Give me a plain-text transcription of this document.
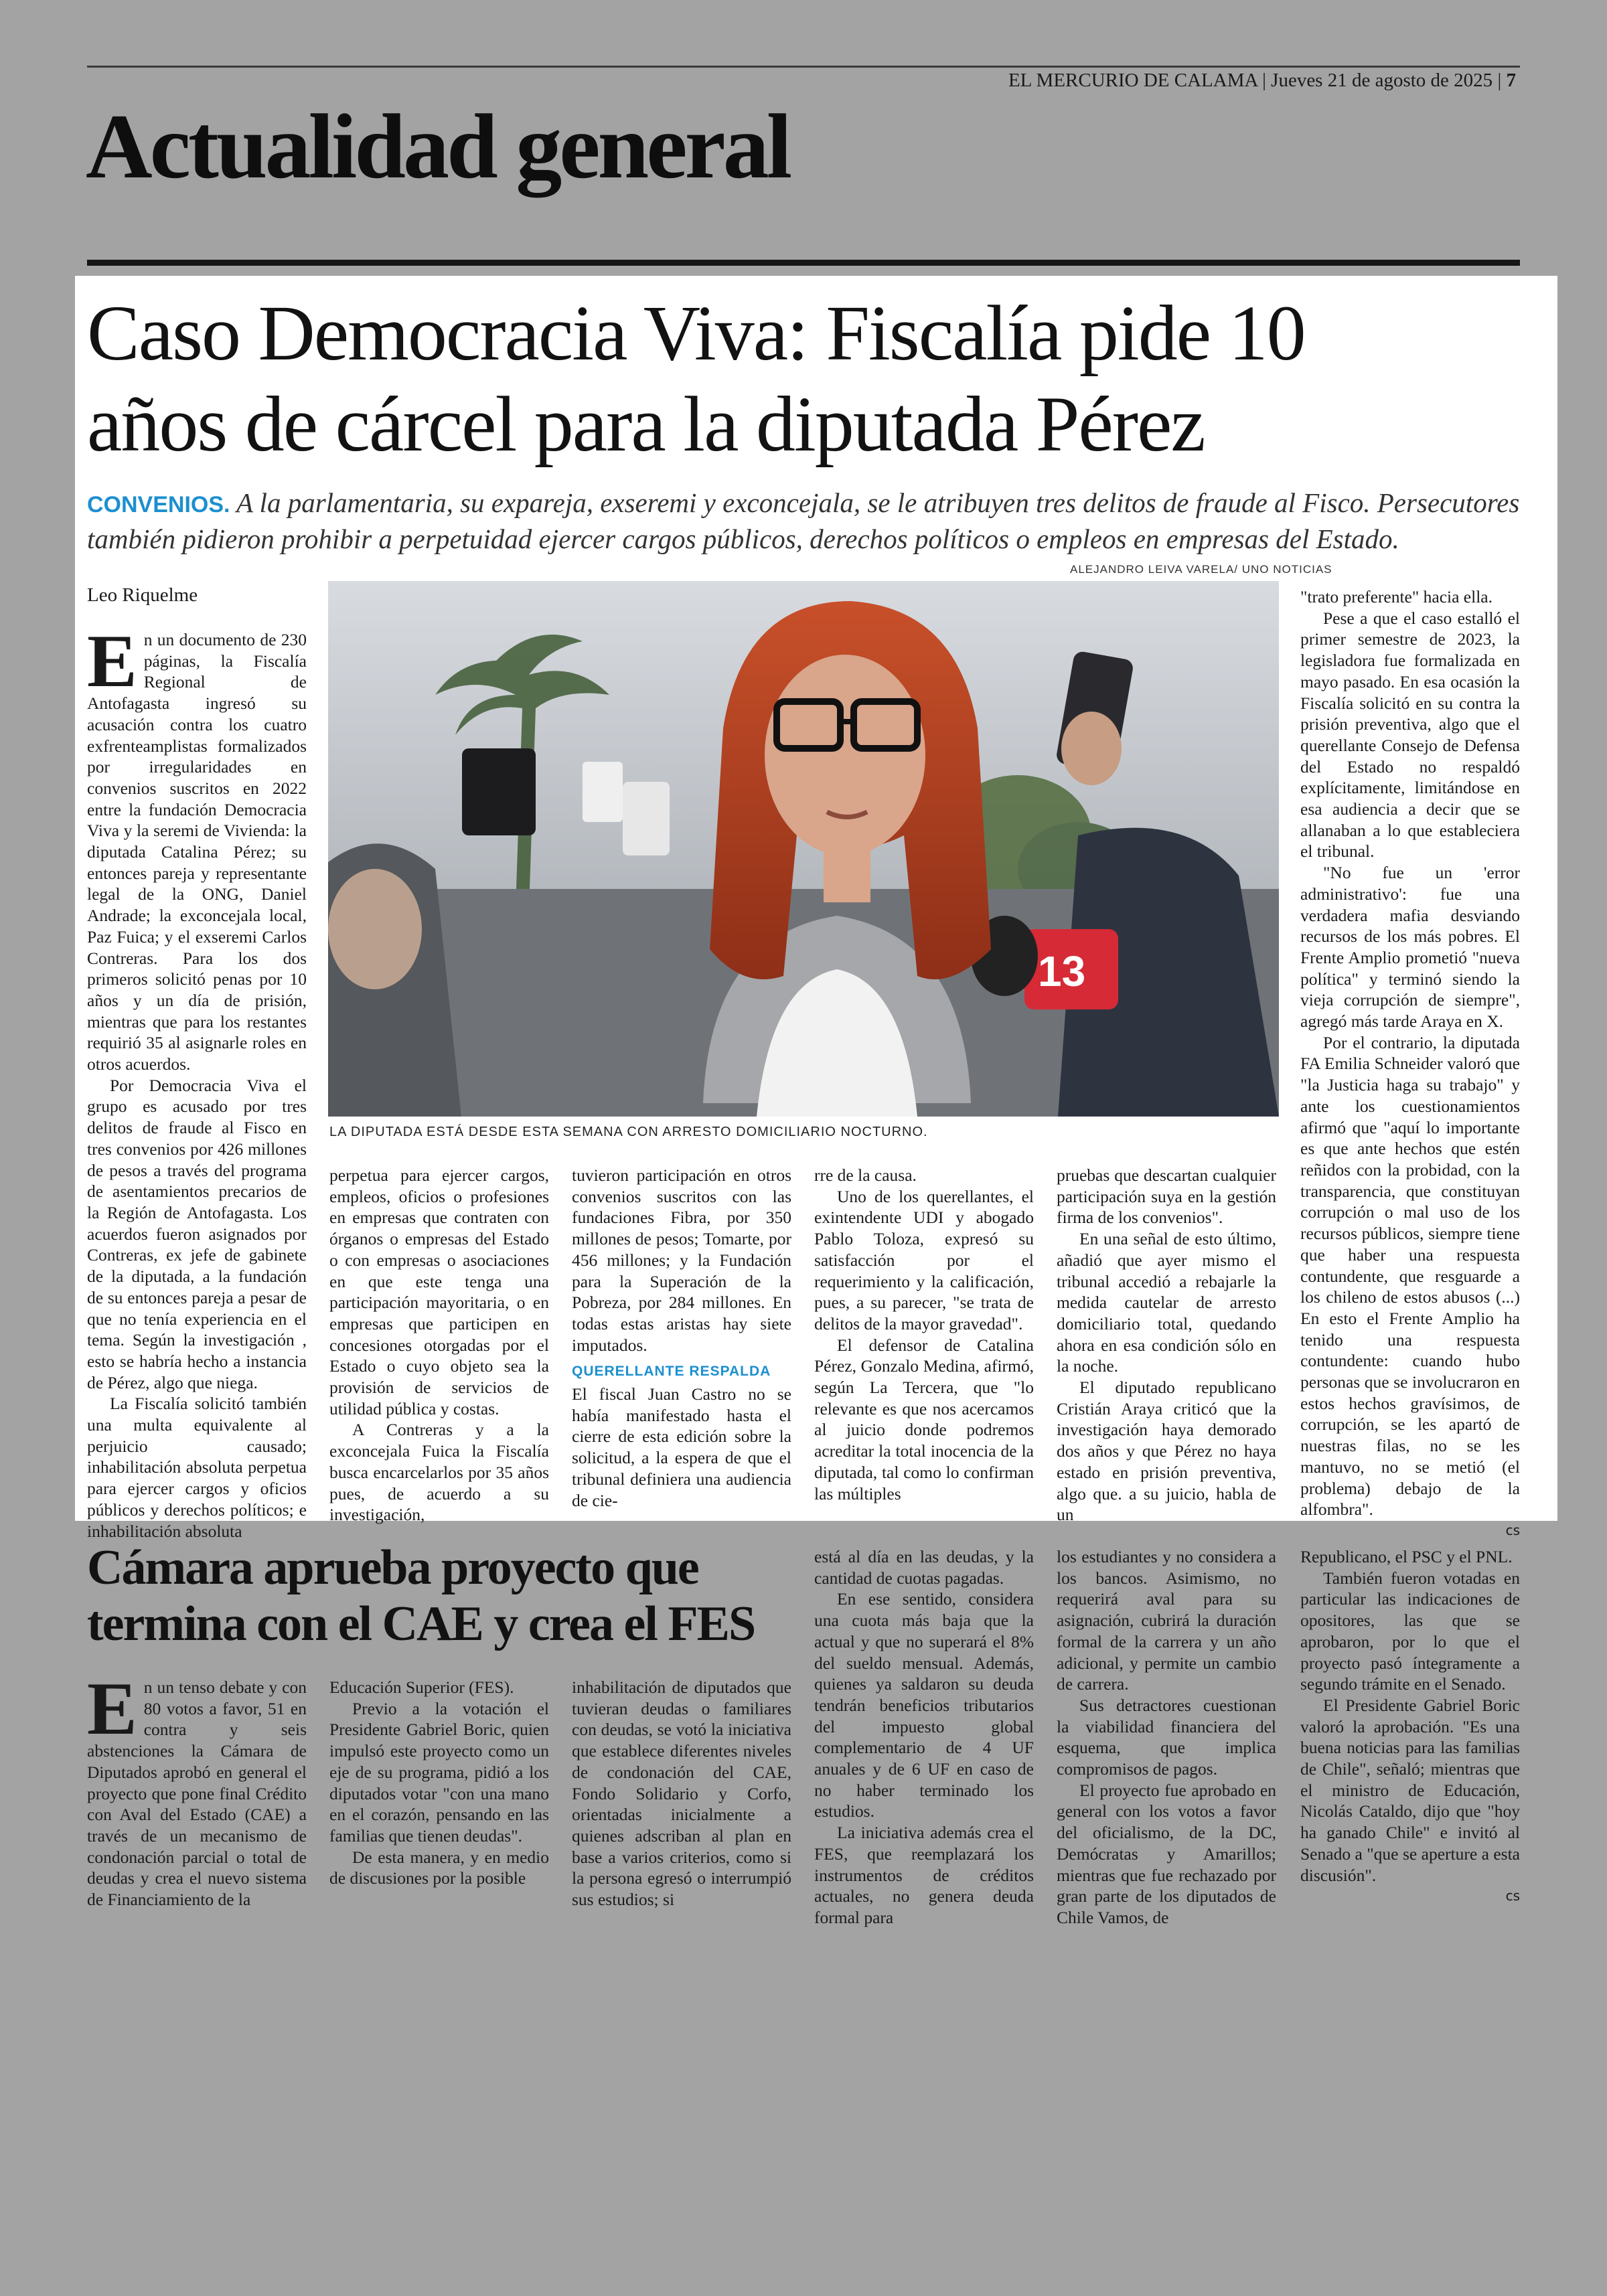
EL MERCURIO DE CALAMA | Jueves 21 de agosto de 2025 | 7
Actualidad general
Caso Democracia Viva: Fiscalía pide 10
años de cárcel para la diputada Pérez
CONVENIOS. A la parlamentaria, su expareja, exseremi y exconcejala, se le atribuyen tres delitos de fraude al Fisco. Persecutores también pidieron prohibir a perpetuidad ejercer cargos públicos, derechos políticos o empleos en empresas del Estado.
Leo Riquelme
ALEJANDRO LEIVA VARELA/ UNO NOTICIAS
13
LA DIPUTADA ESTÁ DESDE ESTA SEMANA CON ARRESTO DOMICILIARIO NOCTURNO.
E n un documento de 230 páginas, la Fiscalía Regional de Antofagasta ingresó su acusación contra los cuatro exfrenteamplistas formalizados por irregularidades en convenios suscritos en 2022 entre la fundación Democracia Viva y la seremi de Vivienda: la diputada Catalina Pérez; su entonces pareja y representante legal de la ONG, Daniel Andrade; la exconcejala local, Paz Fuica; y el exseremi Carlos Contreras. Para los dos primeros solicitó penas por 10 años y un día de prisión, mientras que para los restantes requirió 35 al asignarle roles en otros acuerdos.

Por Democracia Viva el grupo es acusado por tres delitos de fraude al Fisco en tres convenios por 426 millones de pesos a través del programa de asentamientos precarios de la Región de Antofagasta. Los acuerdos fueron asignados por Contreras, ex jefe de gabinete de la diputada, a la fundación de su entonces pareja a pesar de que no tenía experiencia en el tema. Según la investigación , esto se habría hecho a instancia de Pérez, algo que niega.

La Fiscalía solicitó también una multa equivalente al perjuicio causado; inhabilitación absoluta perpetua para ejercer cargos y oficios públicos y derechos políticos; e inhabilitación absoluta

perpetua para ejercer cargos, empleos, oficios o profesiones en empresas que contraten con órganos o empresas del Estado o con empresas o asociaciones en que este tenga una participación mayoritaria, o en empresas que participen en concesiones otorgadas por el Estado o cuyo objeto sea la provisión de servicios de utilidad pública y costas.

A Contreras y a la exconcejala Fuica la Fiscalía busca encarcelarlos por 35 años pues, de acuerdo a su investigación,

tuvieron participación en otros convenios suscritos con las fundaciones Fibra, por 350 millones de pesos; Tomarte, por 456 millones; y la Fundación para la Superación de la Pobreza, por 284 millones. En todas estas aristas hay siete imputados.

QUERELLANTE RESPALDA

El fiscal Juan Castro no se había manifestado hasta el cierre de esta edición sobre la solicitud, a la espera de que el tribunal definiera una audiencia de cie-

rre de la causa.

Uno de los querellantes, el exintendente UDI y abogado Pablo Toloza, expresó su satisfacción por el requerimiento y la calificación, pues, a su parecer, "se trata de delitos de la mayor gravedad".

El defensor de Catalina Pérez, Gonzalo Medina, afirmó, según La Tercera, que "lo relevante es que nos acercamos al juicio donde podremos acreditar la total inocencia de la diputada, tal como lo confirman las múltiples

pruebas que descartan cualquier participación suya en la gestión firma de los convenios".

En una señal de esto último, añadió que ayer mismo el tribunal accedió a rebajarle la medida cautelar de arresto domiciliario total, quedando ahora en esa condición sólo en la noche.

El diputado republicano Cristián Araya criticó que la investigación haya demorado dos años y que Pérez no haya estado en prisión preventiva, algo que. a su juicio, habla de un

"trato preferente" hacia ella.

Pese a que el caso estalló el primer semestre de 2023, la legisladora fue formalizada en mayo pasado. En esa ocasión la Fiscalía solicitó en su contra la prisión preventiva, algo que el querellante Consejo de Defensa del Estado no respaldó explícitamente, limitándose en esa audiencia a decir que se allanaban a lo que estableciera el tribunal.

"No fue un 'error administrativo': fue una verdadera mafia desviando recursos de los más pobres. El Frente Amplio prometió "nueva política" y terminó siendo la vieja corrupción de siempre", agregó más tarde Araya en X.

Por el contrario, la diputada FA Emilia Schneider valoró que "la Justicia haga su trabajo" y ante los cuestionamientos afirmó que "aquí lo importante es que ante hechos que estén reñidos con la probidad, con la transparencia, que constituyan corrupción o mal uso de los recursos públicos, siempre tiene que haber una respuesta contundente, que resguarde a los chileno de estos abusos (...) En esto el Frente Amplio ha tenido una respuesta contundente: cuando hubo personas que se involucraron en estos hechos gravísimos, de corrupción, se les apartó de nuestras filas, no se les mantuvo, no se metió (el problema) debajo de la alfombra".

cs
Cámara aprueba proyecto que
termina con el CAE y crea el FES
E n un tenso debate y con 80 votos a favor, 51 en contra y seis abstenciones la Cámara de Diputados aprobó en general el proyecto que pone final Crédito con Aval del Estado (CAE) a través de un mecanismo de condonación parcial o total de deudas y crea el nuevo sistema de Financiamiento de la

Educación Superior (FES).

Previo a la votación el Presidente Gabriel Boric, quien impulsó este proyecto como un eje de su programa, pidió a los diputados votar "con una mano en el corazón, pensando en las familias que tienen deudas".

De esta manera, y en medio de discusiones por la posible

inhabilitación de diputados que tuvieran deudas o familiares con deudas, se votó la iniciativa que establece diferentes niveles de condonación del CAE, Fondo Solidario y Corfo, orientadas inicialmente a quienes adscriban al plan en base a varios criterios, como si la persona egresó o interrumpió sus estudios; si

está al día en las deudas, y la cantidad de cuotas pagadas.

En ese sentido, considera una cuota más baja que la actual y que no superará el 8% del sueldo mensual. Además, quienes ya saldaron su deuda tendrán beneficios tributarios del impuesto global complementario de 4 UF anuales y de 6 UF en caso de no haber terminado los estudios.

La iniciativa además crea el FES, que reemplazará los instrumentos de créditos actuales, no genera deuda formal para

los estudiantes y no considera a los bancos. Asimismo, no requerirá aval para su asignación, cubrirá la duración formal de la carrera y un año adicional, y permite un cambio de carrera.

Sus detractores cuestionan la viabilidad financiera del esquema, que implica compromisos de pagos.

El proyecto fue aprobado en general con los votos a favor del oficialismo, de la DC, Demócratas y Amarillos; mientras que fue rechazado por gran parte de los diputados de Chile Vamos, de

Republicano, el PSC y el PNL.

También fueron votadas en particular las indicaciones de opositores, las que se aprobaron, por lo que el proyecto pasó íntegramente a segundo trámite en el Senado.

El Presidente Gabriel Boric valoró la aprobación. "Es una buena noticias para las familias de Chile", señaló; mientras que el ministro de Educación, Nicolás Cataldo, dijo que "hoy ha ganado Chile" e invitó al Senado a "que se aperture a esta discusión".

cs
